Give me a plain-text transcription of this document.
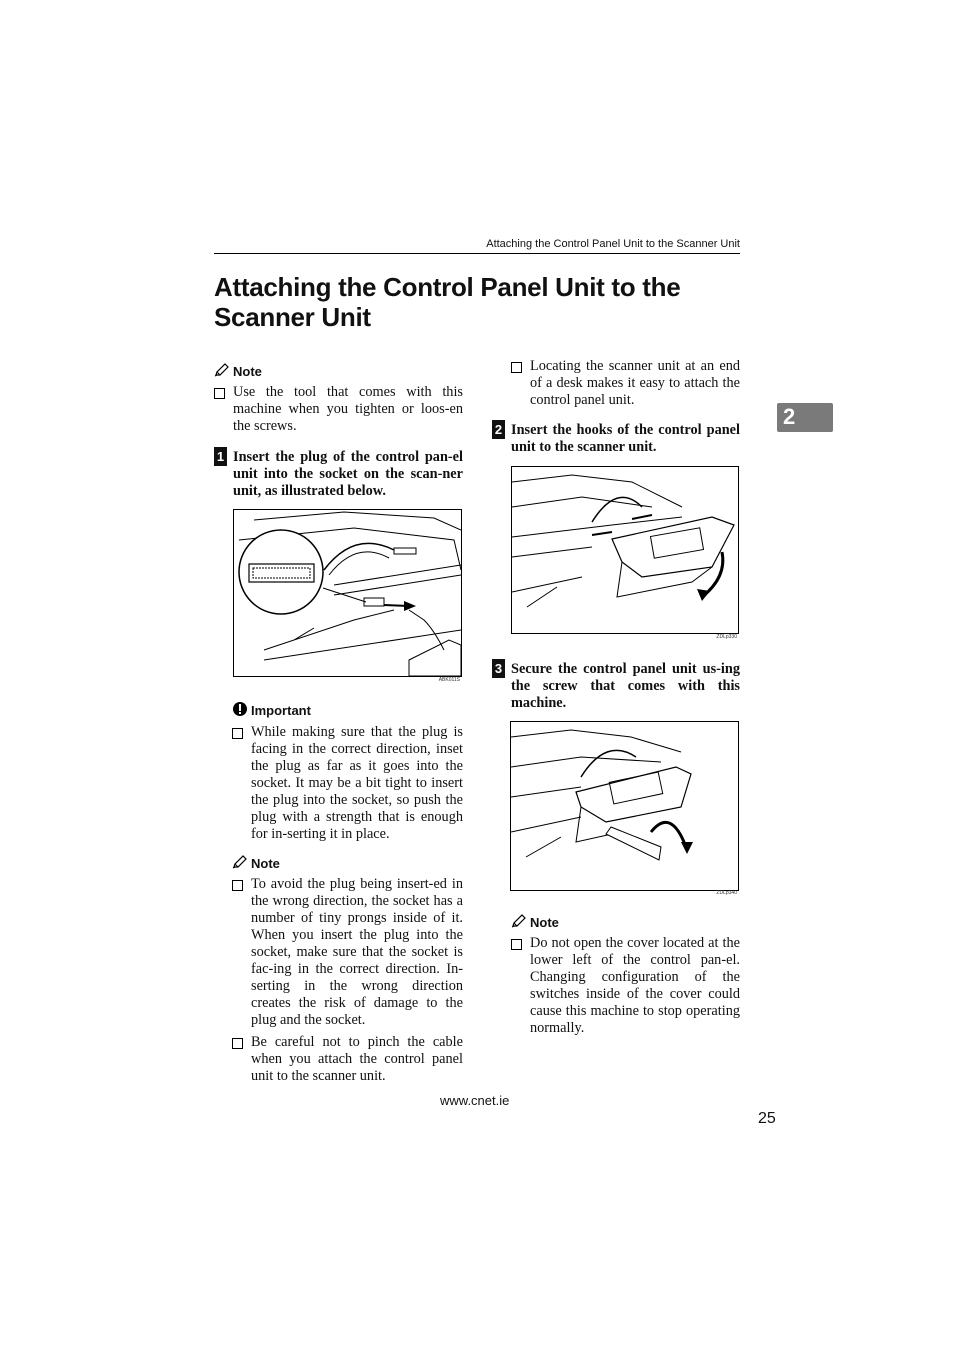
Attaching the Control Panel Unit to the Scanner Unit
Attaching the Control Panel Unit to the
Scanner Unit
2
Note
Use the tool that comes with this machine when you tighten or loos-en the screws.
1 Insert the plug of the control pan-el unit into the socket on the scan-ner unit, as illustrated below.
ABK011S
Important
While making sure that the plug is facing in the correct direction, inset the plug as far as it goes into the socket. It may be a bit tight to insert the plug into the socket, so push the plug with a strength that is enough for in-serting it in place.
Note
To avoid the plug being insert-ed in the wrong direction, the socket has a number of tiny prongs inside of it. When you insert the plug into the socket, make sure that the socket is fac-ing in the correct direction. In-serting in the wrong direction creates the risk of damage to the plug and the socket.
Be careful not to pinch the cable when you attach the control panel unit to the scanner unit.
Locating the scanner unit at an end of a desk makes it easy to attach the control panel unit.
2 Insert the hooks of the control panel unit to the scanner unit.
ZDLp330
3 Secure the control panel unit us-ing the screw that comes with this machine.
ZDLp340
Note
Do not open the cover located at the lower left of the control pan-el. Changing configuration of the switches inside of the cover could cause this machine to stop operating normally.
www.cnet.ie
25
